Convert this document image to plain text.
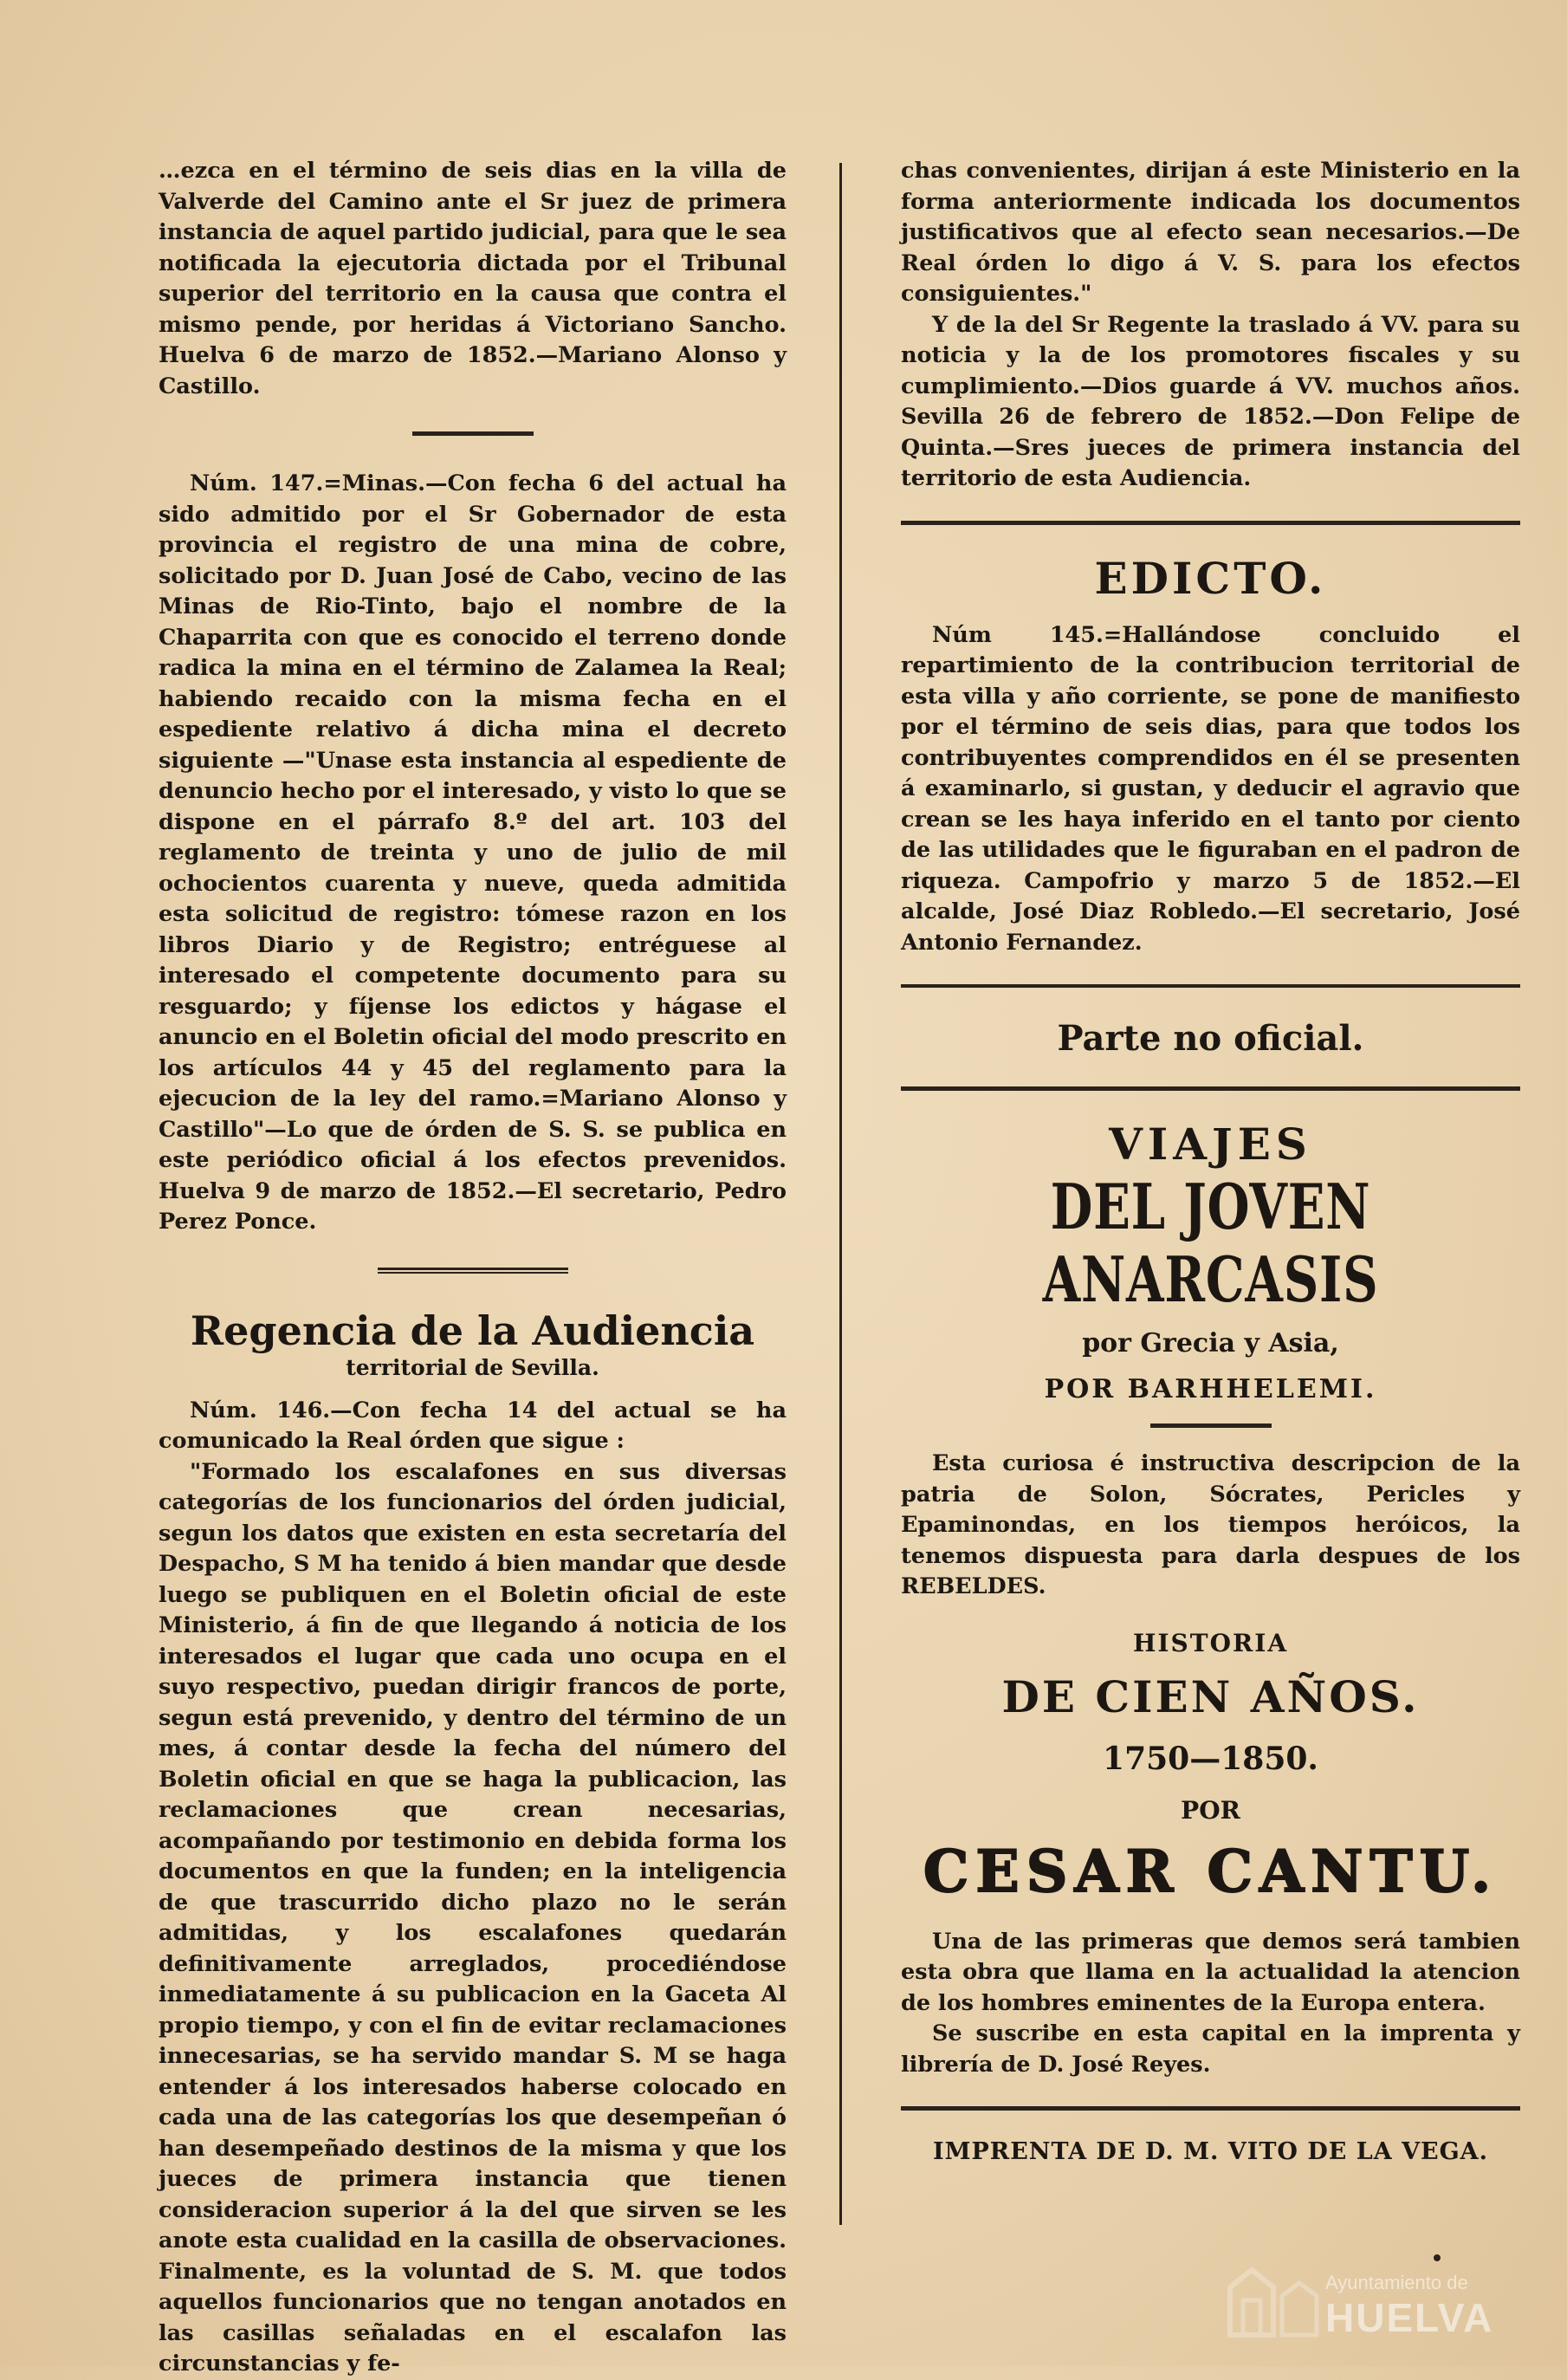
…ezca en el término de seis dias en la villa de Valverde del Camino ante el Sr juez de primera instancia de aquel partido judicial, para que le sea notificada la ejecutoria dictada por el Tribunal superior del territorio en la causa que contra el mismo pende, por heridas á Victoriano Sancho. Huelva 6 de marzo de 1852.—Mariano Alonso y Castillo.

Núm. 147.=Minas.—Con fecha 6 del actual ha sido admitido por el Sr Gobernador de esta provincia el registro de una mina de cobre, solicitado por D. Juan José de Cabo, vecino de las Minas de Rio-Tinto, bajo el nombre de la Chaparrita con que es conocido el terreno donde radica la mina en el término de Zalamea la Real; habiendo recaido con la misma fecha en el espediente relativo á dicha mina el decreto siguiente —"Unase esta instancia al espediente de denuncio hecho por el interesado, y visto lo que se dispone en el párrafo 8.º del art. 103 del reglamento de treinta y uno de julio de mil ochocientos cuarenta y nueve, queda admitida esta solicitud de registro: tómese razon en los libros Diario y de Registro; entréguese al interesado el competente documento para su resguardo; y fíjense los edictos y hágase el anuncio en el Boletin oficial del modo prescrito en los artículos 44 y 45 del reglamento para la ejecucion de la ley del ramo.=Mariano Alonso y Castillo"—Lo que de órden de S. S. se publica en este periódico oficial á los efectos prevenidos. Huelva 9 de marzo de 1852.—El secretario, Pedro Perez Ponce.

Regencia de la Audiencia
territorial de Sevilla.

Núm. 146.—Con fecha 14 del actual se ha comunicado la Real órden que sigue :

"Formado los escalafones en sus diversas categorías de los funcionarios del órden judicial, segun los datos que existen en esta secretaría del Despacho, S M ha tenido á bien mandar que desde luego se publiquen en el Boletin oficial de este Ministerio, á fin de que llegando á noticia de los interesados el lugar que cada uno ocupa en el suyo respectivo, puedan dirigir francos de porte, segun está prevenido, y dentro del término de un mes, á contar desde la fecha del número del Boletin oficial en que se haga la publicacion, las reclamaciones que crean necesarias, acompañando por testimonio en debida forma los documentos en que la funden; en la inteligencia de que trascurrido dicho plazo no le serán admitidas, y los escalafones quedarán definitivamente arreglados, procediéndose inmediatamente á su publicacion en la Gaceta Al propio tiempo, y con el fin de evitar reclamaciones innecesarias, se ha servido mandar S. M se haga entender á los interesados haberse colocado en cada una de las categorías los que desempeñan ó han desempeñado destinos de la misma y que los jueces de primera instancia que tienen consideracion superior á la del que sirven se les anote esta cualidad en la casilla de observaciones. Finalmente, es la voluntad de S. M. que todos aquellos funcionarios que no tengan anotados en las casillas señaladas en el escalafon las circunstancias y fe-

chas convenientes, dirijan á este Ministerio en la forma anteriormente indicada los documentos justificativos que al efecto sean necesarios.—De Real órden lo digo á V. S. para los efectos consiguientes."

Y de la del Sr Regente la traslado á VV. para su noticia y la de los promotores fiscales y su cumplimiento.—Dios guarde á VV. muchos años. Sevilla 26 de febrero de 1852.—Don Felipe de Quinta.—Sres jueces de primera instancia del territorio de esta Audiencia.

EDICTO.

Núm 145.=Hallándose concluido el repartimiento de la contribucion territorial de esta villa y año corriente, se pone de manifiesto por el término de seis dias, para que todos los contribuyentes comprendidos en él se presenten á examinarlo, si gustan, y deducir el agravio que crean se les haya inferido en el tanto por ciento de las utilidades que le figuraban en el padron de riqueza. Campofrio y marzo 5 de 1852.—El alcalde, José Diaz Robledo.—El secretario, José Antonio Fernandez.

Parte no oficial.
VIAJES
DEL JOVEN ANARCASIS
por Grecia y Asia,
POR BARHHELEMI.

Esta curiosa é instructiva descripcion de la patria de Solon, Sócrates, Pericles y Epaminondas, en los tiempos heróicos, la tenemos dispuesta para darla despues de los REBELDES.

HISTORIA
DE CIEN AÑOS.
1750—1850.
POR
CESAR CANTU.

Una de las primeras que demos será tambien esta obra que llama en la actualidad la atencion de los hombres eminentes de la Europa entera.

Se suscribe en esta capital en la imprenta y librería de D. José Reyes.

IMPRENTA DE D. M. VITO DE LA VEGA.
Ayuntamiento de
HUELVA
